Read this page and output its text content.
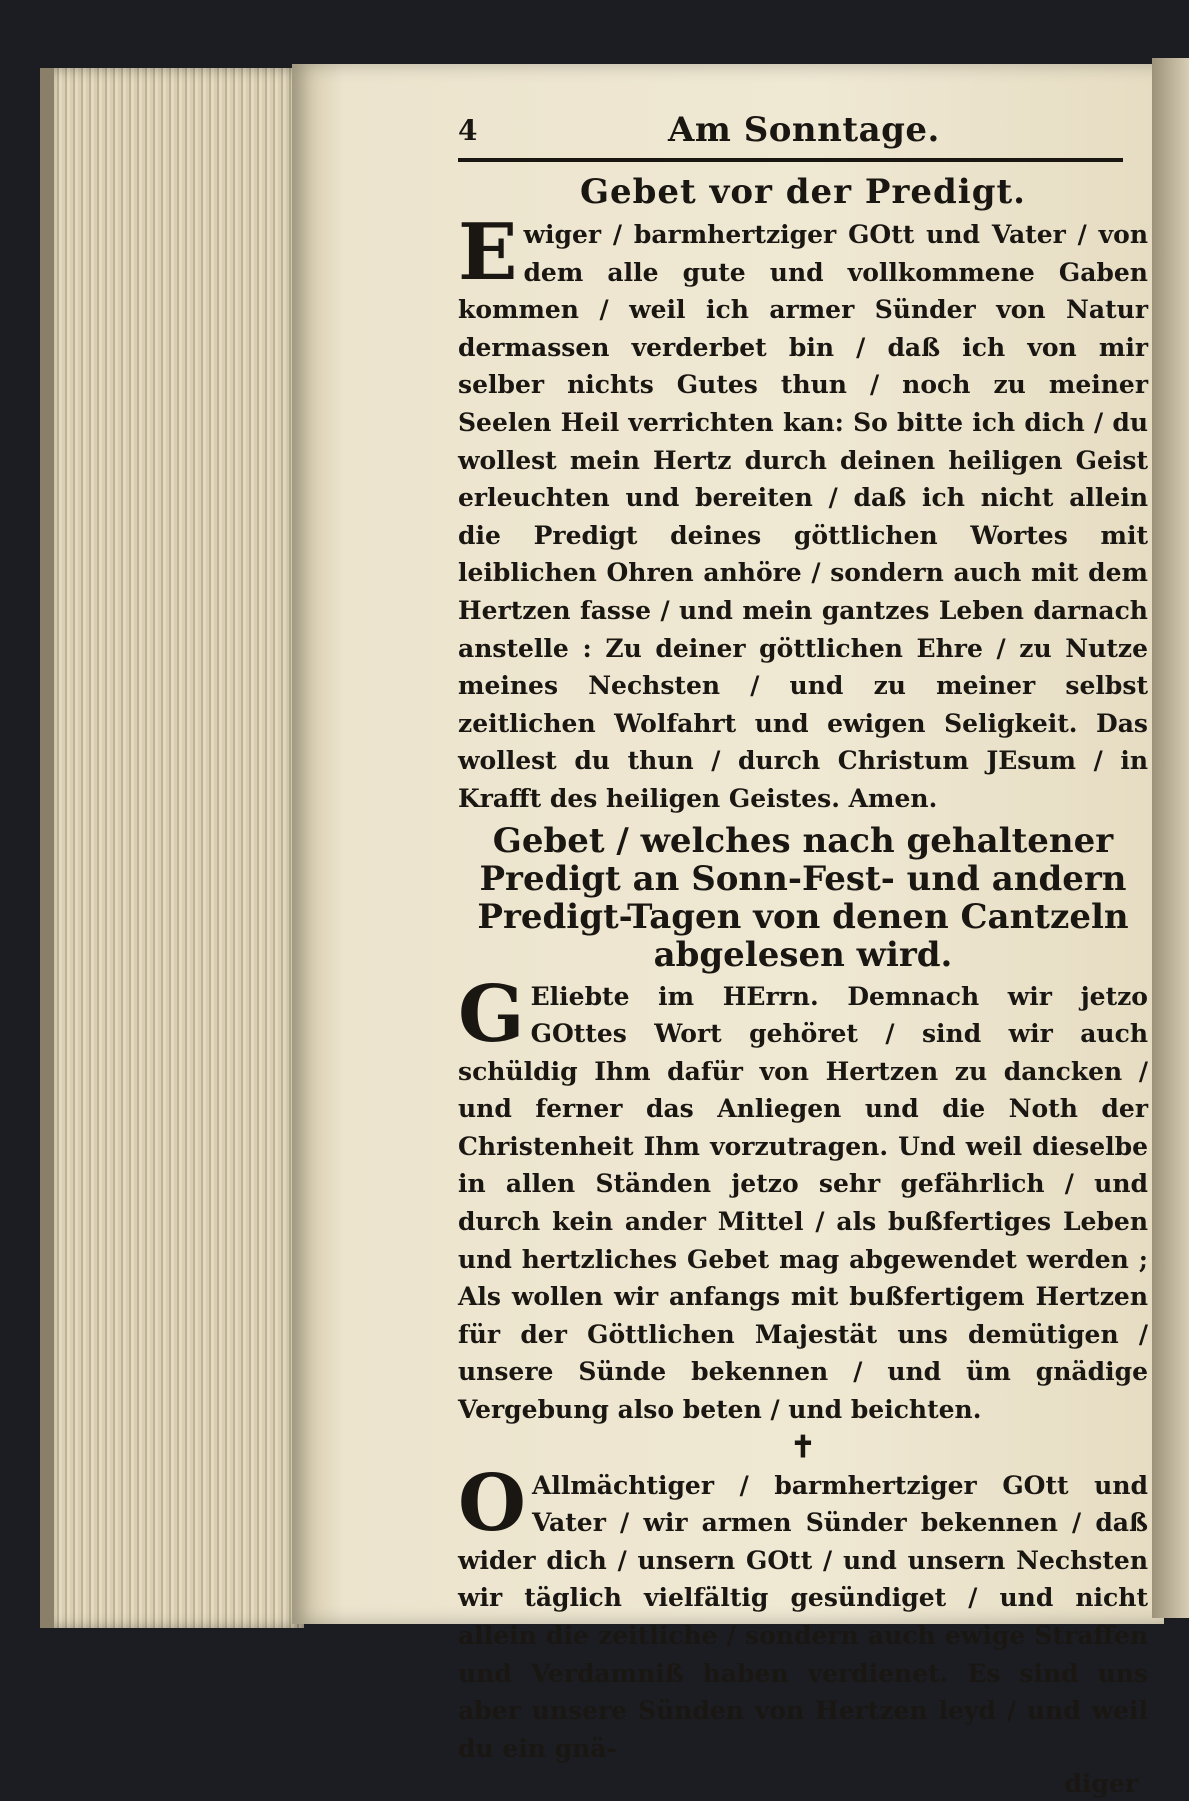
4	Am Sonntage.
Gebet vor der Predigt.
Ewiger / barmhertziger GOtt und Vater / von dem alle gute und vollkommene Gaben kommen / weil ich armer Sünder von Natur dermassen verderbet bin / daß ich von mir selber nichts Gutes thun / noch zu meiner Seelen Heil verrichten kan: So bitte ich dich / du wollest mein Hertz durch deinen heiligen Geist erleuchten und bereiten / daß ich nicht allein die Predigt deines göttlichen Wortes mit leiblichen Ohren anhöre / sondern auch mit dem Hertzen fasse / und mein gantzes Leben darnach anstelle : Zu deiner göttlichen Ehre / zu Nutze meines Nechsten / und zu meiner selbst zeitlichen Wolfahrt und ewigen Seligkeit. Das wollest du thun / durch Christum JEsum / in Krafft des heiligen Geistes. Amen.
Gebet / welches nach gehaltener Predigt an Sonn-Fest- und andern Predigt-Tagen von denen Cantzeln abgelesen wird.
G Eliebte im HErrn. Demnach wir jetzo GOttes Wort gehöret / sind wir auch schüldig Ihm dafür von Hertzen zu dancken / und ferner das Anliegen und die Noth der Christenheit Ihm vorzutragen. Und weil dieselbe in allen Ständen jetzo sehr gefährlich / und durch kein ander Mittel / als bußfertiges Leben und hertzliches Gebet mag abgewendet werden ; Als wollen wir anfangs mit bußfertigem Hertzen für der Göttlichen Majestät uns demütigen / unsere Sünde bekennen / und üm gnädige Vergebung also beten / und beichten.
✝
O Allmächtiger / barmhertziger GOtt und Vater / wir armen Sünder bekennen / daß wider dich / unsern GOtt / und unsern Nechsten wir täglich vielfältig gesündiget / und nicht allein die zeitliche / sondern auch ewige Straffen und Verdamniß haben verdienet. Es sind uns aber unsere Sünden von Hertzen leyd / und weil du ein gnä-
diger
